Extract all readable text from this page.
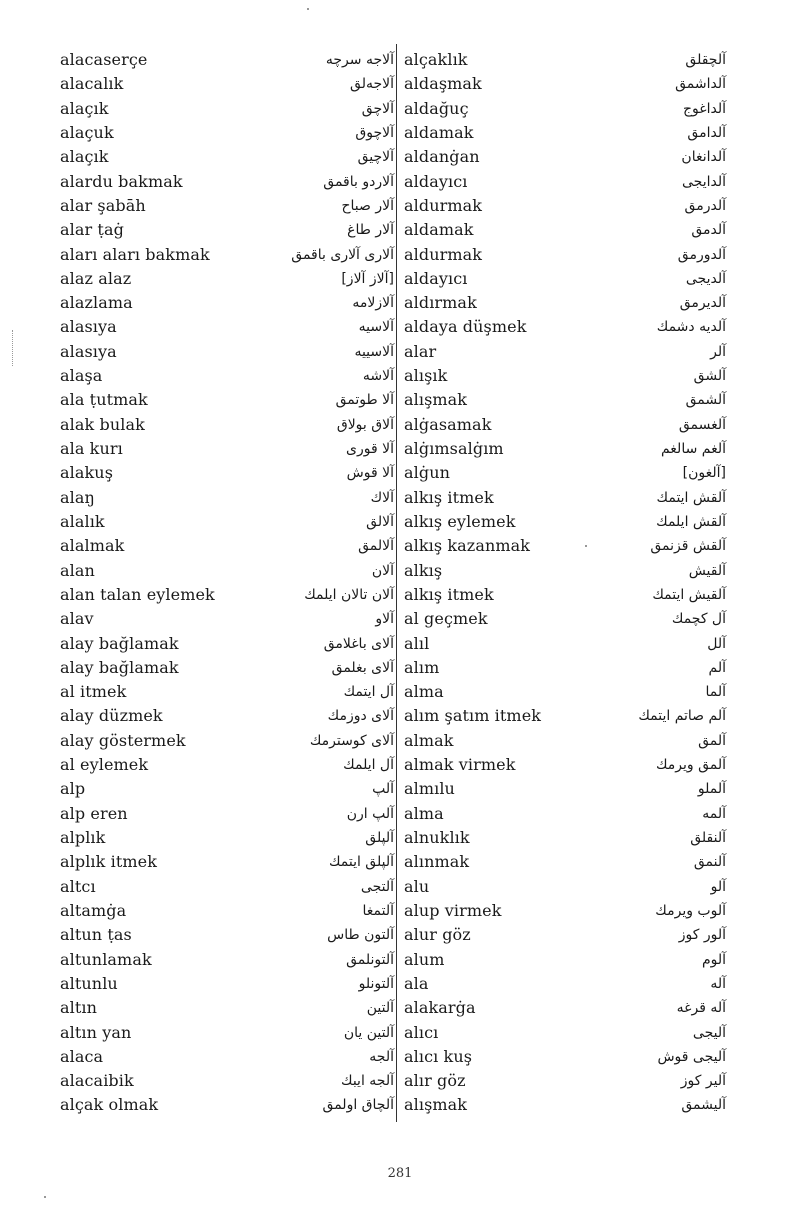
alacaserçe	آلاجه سرچه
alacalık	آلاجەلق
alaçık	آلاچق
alaçuk	آلاچوق
alaçık	آلاچیق
alardu bakmak	آلاردو باقمق
alar şabāh	آلار صباح
alar ṭaġ	آلار طاغ
aları aları bakmak	آلاری آلاری باقمق
alaz alaz	[آلاز آلاز]
alazlama	آلازلامه
alasıya	آلاسیه
alasıya	آلاسییه
alaşa	آلاشه
ala ṭutmak	آلا طوتمق
alak bulak	آلاق بولاق
ala kurı	آلا قوری
alakuş	آلا قوش
alaŋ	آلاك
alalık	آلالق
alalmak	آلالمق
alan	آلان
alan talan eylemek	آلان تالان ایلمك
alav	آلاو
alay bağlamak	آلای باغلامق
alay bağlamak	آلای بغلمق
al itmek	آل ایتمك
alay düzmek	آلای دوزمك
alay göstermek	آلای کوسترمك
al eylemek	آل ایلمك
alp	آلپ
alp eren	آلپ ارن
alplık	آلپلق
alplık itmek	آلپلق ایتمك
altcı	آلتجی
altamġa	آلتمغا
altun ṭas	آلتون طاس
altunlamak	آلتونلمق
altunlu	آلتونلو
altın	آلتین
altın yan	آلتین یان
alaca	آلجه
alacaibik	آلجه ایبك
alçak olmak	آلچاق اولمق
alçaklık	آلچقلق
aldaşmak	آلداشمق
aldağuç	آلداغوج
aldamak	آلدامق
aldanġan	آلدانغان
aldayıcı	آلدایجی
aldurmak	آلدرمق
aldamak	آلدمق
aldurmak	آلدورمق
aldayıcı	آلدیجی
aldırmak	آلدیرمق
aldaya düşmek	آلدیه دشمك
alar	آلر
alışık	آلشق
alışmak	آلشمق
alġasamak	آلغسمق
alġımsalġım	آلغم سالغم
alġun	[آلغون]
alkış itmek	آلقش ایتمك
alkış eylemek	آلقش ایلمك
alkış kazanmak	آلقش قزنمق
alkış	آلقیش
alkış itmek	آلقیش ایتمك
al geçmek	آل کچمك
alıl	آلل
alım	آلم
alma	آلما
alım şatım itmek	آلم صاتم ایتمك
almak	آلمق
almak virmek	آلمق ویرمك
almılu	آلملو
alma	آلمه
alnuklık	آلنقلق
alınmak	آلنمق
alu	آلو
alup virmek	آلوب ویرمك
alur göz	آلور کوز
alum	آلوم
ala	آله
alakarġa	آله قرغه
alıcı	آلیجی
alıcı kuş	آلیجی قوش
alır göz	آلیر کوز
alışmak	آلیشمق
281
